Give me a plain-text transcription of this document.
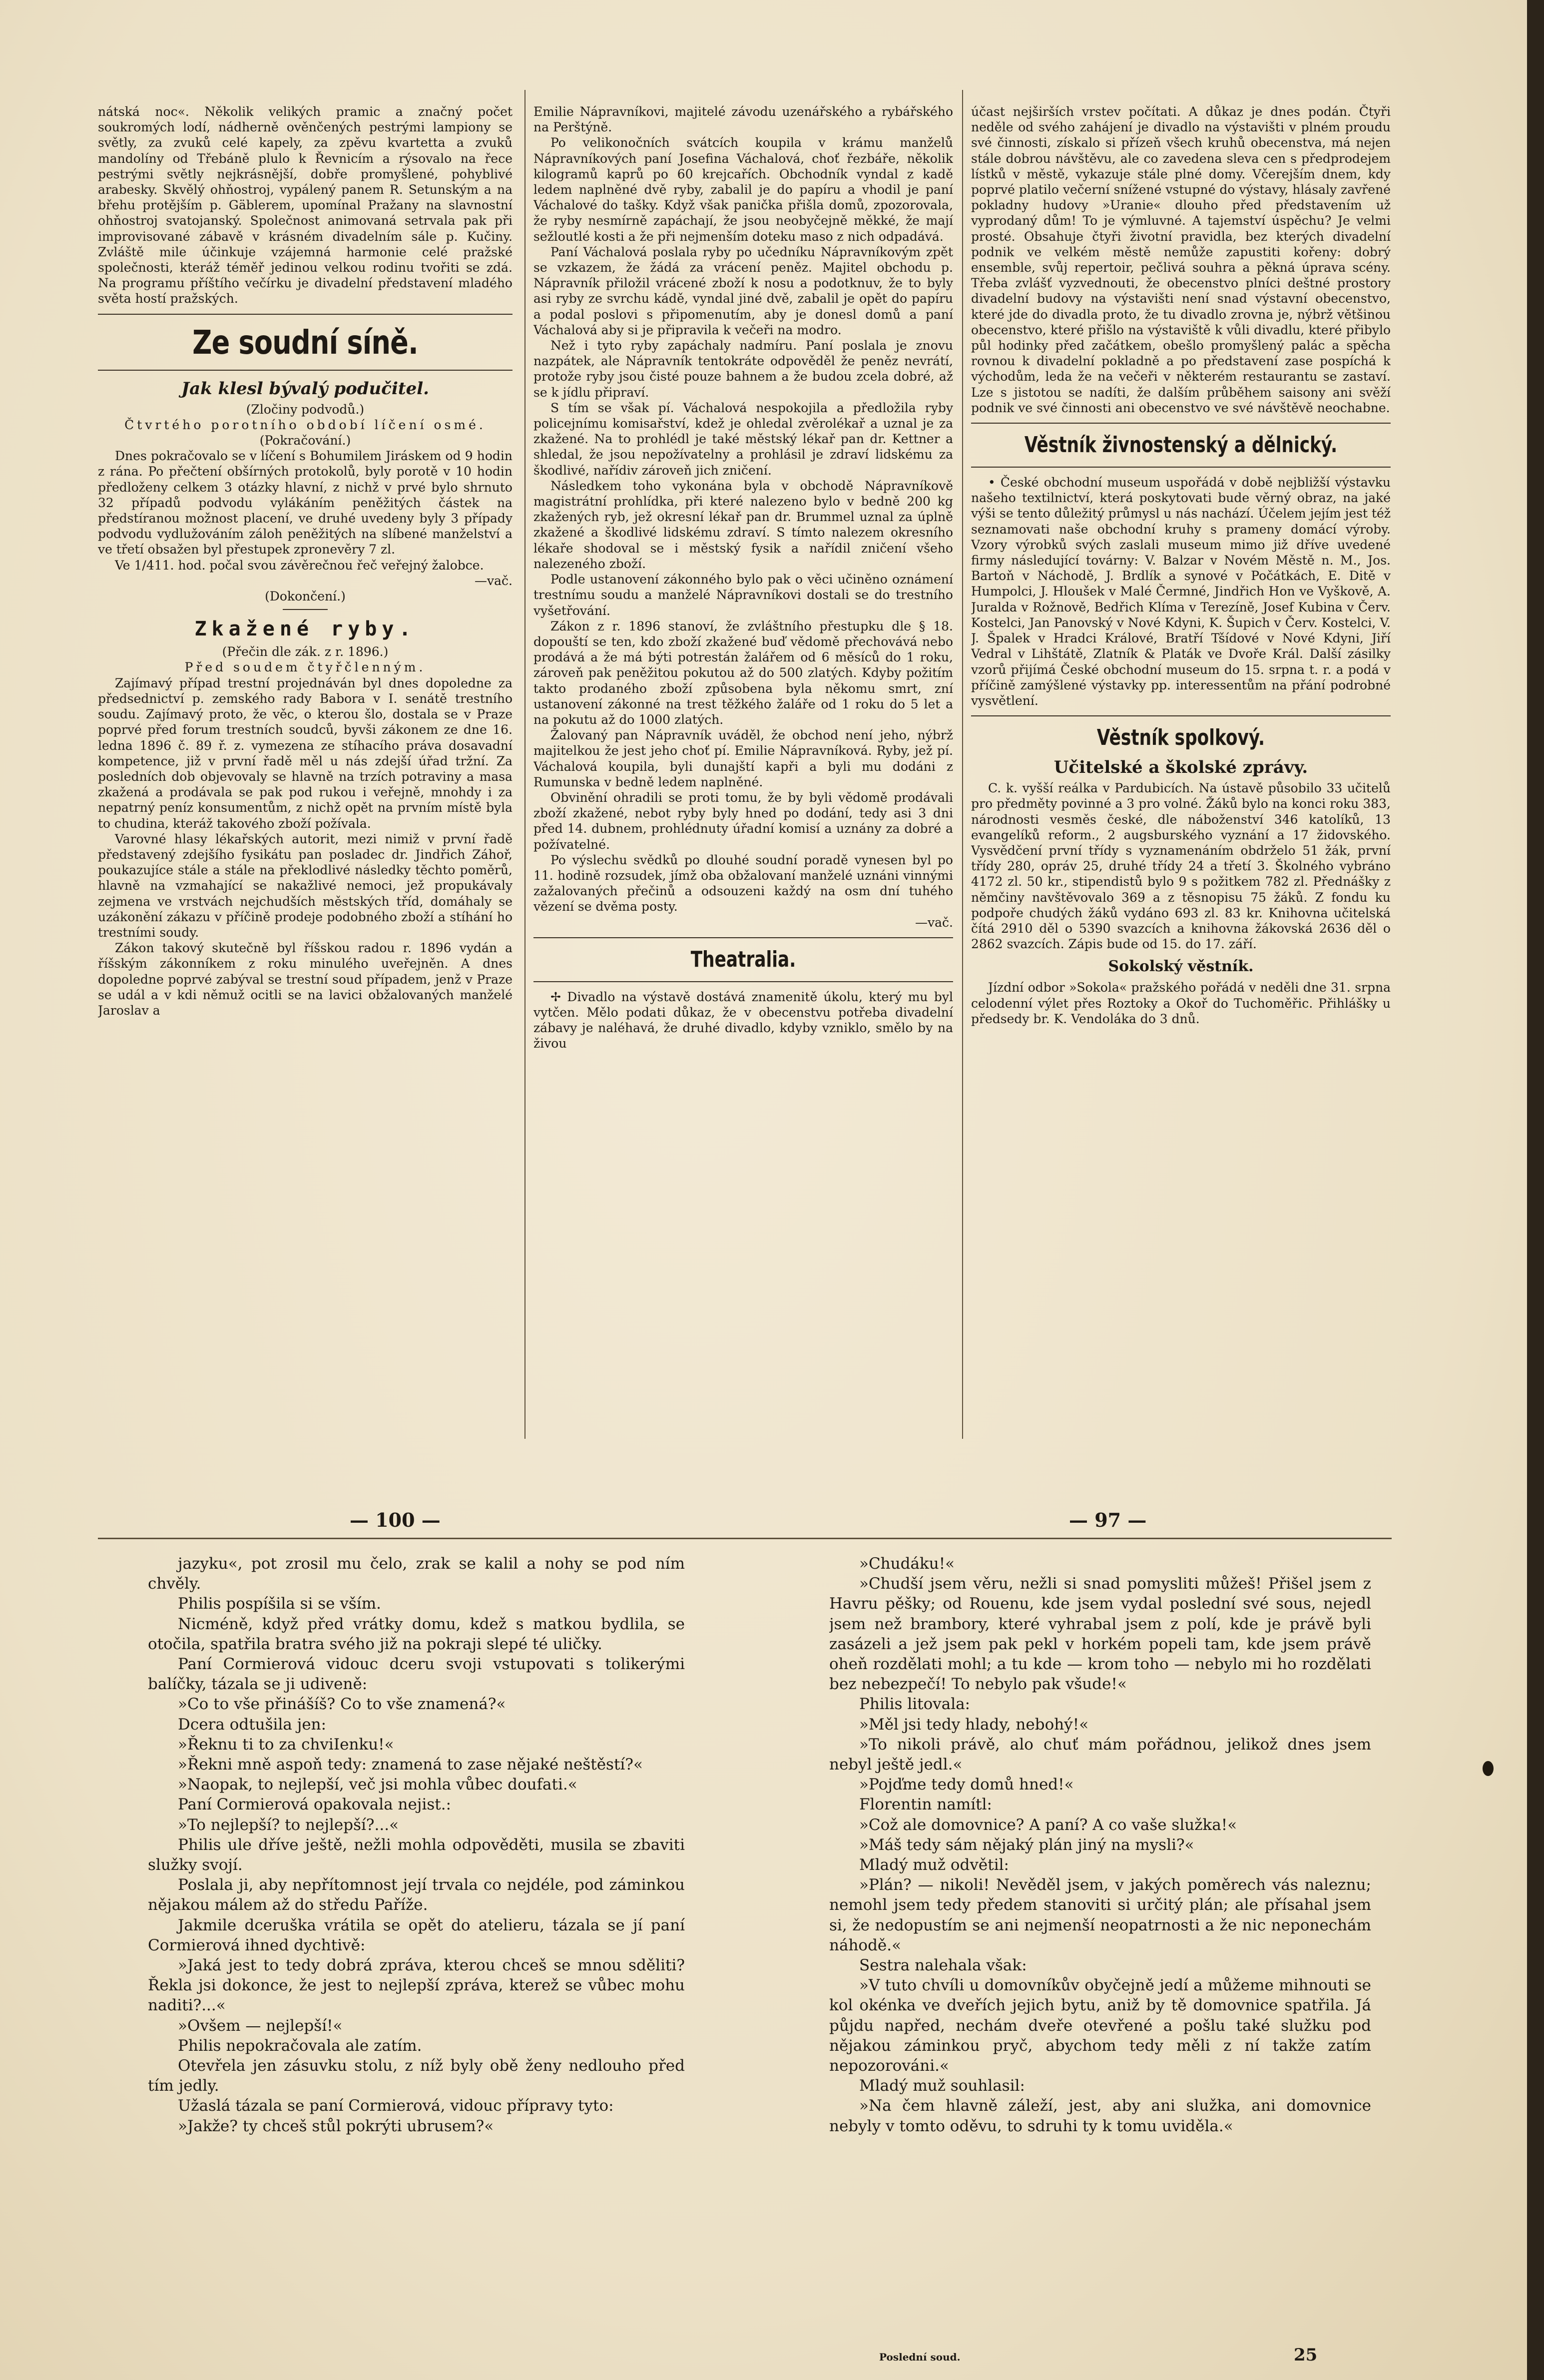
nátská noc«. Několik velikých pramic a značný počet soukromých lodí, nádherně ověnčených pestrými lampiony se světly, za zvuků celé kapely, za zpěvu kvartetta a zvuků mandolíny od Třebáně plulo k Řevnicím a rýsovalo na řece pestrými světly nejkrásnější, dobře promyšlené, pohyblivé arabesky. Skvělý ohňostroj, vypálený panem R. Setunským a na břehu protějším p. Gäblerem, upomínal Pražany na slavnostní ohňostroj svatojanský. Společnost animovaná setrvala pak při improvisované zábavě v krásném divadelním sále p. Kučiny. Zvláště mile účinkuje vzájemná harmonie celé pražské společnosti, kteráž téměř jedinou velkou rodinu tvořiti se zdá. Na programu příštího večírku je divadelní představení mladého světa hostí pražských.

Ze soudní síně.
Jak klesl bývalý podučitel.

(Zločiny podvodů.)

Čtvrtého porotního období líčení osmé.

(Pokračování.)

Dnes pokračovalo se v líčení s Bohumilem Jiráskem od 9 hodin z rána. Po přečtení obšírných protokolů, byly porotě v 10 hodin předloženy celkem 3 otázky hlavní, z nichž v prvé bylo shrnuto 32 případů podvodu vylákáním peněžitých částek na předstíranou možnost placení, ve druhé uvedeny byly 3 případy podvodu vydlužováním záloh peněžitých na slíbené manželství a ve třetí obsažen byl přestupek zpronevěry 7 zl.

Ve 1/411. hod. počal svou závěrečnou řeč veřejný žalobce.

—vač.

(Dokončení.)

Zkažené ryby.

(Přečin dle zák. z r. 1896.)

Před soudem čtyřčlenným.

Zajímavý případ trestní projednáván byl dnes dopoledne za předsednictví p. zemského rady Babora v I. senátě trestního soudu. Zajímavý proto, že věc, o kterou šlo, dostala se v Praze poprvé před forum trestních soudců, byvši zákonem ze dne 16. ledna 1896 č. 89 ř. z. vymezena ze stíhacího práva dosavadní kompetence, již v první řadě měl u nás zdejší úřad tržní. Za posledních dob objevovaly se hlavně na trzích potraviny a masa zkažená a prodávala se pak pod rukou i veřejně, mnohdy i za nepatrný peníz konsumentům, z nichž opět na prvním místě byla to chudina, kteráž takového zboží požívala.

Varovné hlasy lékařských autorit, mezi nimiž v první řadě představený zdejšího fysikátu pan posladec dr. Jindřich Záhoř, poukazujíce stále a stále na překlodlivé následky těchto poměrů, hlavně na vzmahající se nakažlivé nemoci, jež propukávaly zejmena ve vrstvách nejchudších městských tříd, domáhaly se uzákonění zákazu v příčině prodeje podobného zboží a stíhání ho trestními soudy.

Zákon takový skutečně byl říšskou radou r. 1896 vydán a říšským zákonníkem z roku minulého uveřejněn. A dnes dopoledne poprvé zabýval se trestní soud případem, jenž v Praze se udál a v kdi němuž ocitli se na lavici obžalovaných manželé Jaroslav a

Emilie Nápravníkovi, majitelé závodu uzenářského a rybářského na Perštýně.

Po velikonočních svátcích koupila v krámu manželů Nápravníkových paní Josefina Váchalová, choť řezbáře, několik kilogramů kaprů po 60 krejcařích. Obchodník vyndal z kadě ledem naplněné dvě ryby, zabalil je do papíru a vhodil je paní Váchalové do tašky. Když však panička přišla domů, zpozorovala, že ryby nesmírně zapáchají, že jsou neobyčejně měkké, že mají sežloutlé kosti a že při nejmenším doteku maso z nich odpadává.

Paní Váchalová poslala ryby po učedníku Nápravníkovým zpět se vzkazem, že žádá za vrácení peněz. Majitel obchodu p. Nápravník přiložil vrácené zboží k nosu a podotknuv, že to byly asi ryby ze svrchu kádě, vyndal jiné dvě, zabalil je opět do papíru a podal poslovi s připomenutím, aby je donesl domů a paní Váchalová aby si je připravila k večeři na modro.

Než i tyto ryby zapáchaly nadmíru. Paní poslala je znovu nazpátek, ale Nápravník tentokráte odpověděl že peněz nevrátí, protože ryby jsou čisté pouze bahnem a že budou zcela dobré, až se k jídlu připraví.

S tím se však pí. Váchalová nespokojila a předložila ryby policejnímu komisařství, kdež je ohledal zvěrolékař a uznal je za zkažené. Na to prohlédl je také městský lékař pan dr. Kettner a shledal, že jsou nepožívatelny a prohlásil je zdraví lidskému za škodlivé, nařídiv zároveň jich zničení.

Následkem toho vykonána byla v obchodě Nápravníkově magistrátní prohlídka, při které nalezeno bylo v bedně 200 kg zkažených ryb, jež okresní lékař pan dr. Brummel uznal za úplně zkažené a škodlivé lidskému zdraví. S tímto nalezem okresního lékaře shodoval se i městský fysik a nařídil zničení všeho nalezeného zboží.

Podle ustanovení zákonného bylo pak o věci učiněno oznámení trestnímu soudu a manželé Nápravníkovi dostali se do trestního vyšetřování.

Zákon z r. 1896 stanoví, že zvláštního přestupku dle § 18. dopouští se ten, kdo zboží zkažené buď vědomě přechovává nebo prodává a že má býti potrestán žalářem od 6 měsíců do 1 roku, zároveň pak peněžitou pokutou až do 500 zlatých. Kdyby požitím takto prodaného zboží způsobena byla někomu smrt, zní ustanovení zákonné na trest těžkého žaláře od 1 roku do 5 let a na pokutu až do 1000 zlatých.

Žalovaný pan Nápravník uváděl, že obchod není jeho, nýbrž majitelkou že jest jeho choť pí. Emilie Nápravníková. Ryby, jež pí. Váchalová koupila, byli dunajští kapři a byli mu dodáni z Rumunska v bedně ledem naplněné.

Obvinění ohradili se proti tomu, že by byli vědomě prodávali zboží zkažené, nebot ryby byly hned po dodání, tedy asi 3 dni před 14. dubnem, prohlédnuty úřadní komisí a uznány za dobré a požívatelné.

Po výslechu svědků po dlouhé soudní poradě vynesen byl po 11. hodině rozsudek, jímž oba obžalovaní manželé uznáni vinnými zažalovaných přečinů a odsouzeni každý na osm dní tuhého vězení se dvěma posty.

—vač.

Theatralia.

✢ Divadlo na výstavě dostává znamenitě úkolu, který mu byl vytčen. Mělo podati důkaz, že v obecenstvu potřeba divadelní zábavy je naléhavá, že druhé divadlo, kdyby vzniklo, smělo by na živou

účast nejširších vrstev počítati. A důkaz je dnes podán. Čtyři neděle od svého zahájení je divadlo na výstavišti v plném proudu své činnosti, získalo si přízeň všech kruhů obecenstva, má nejen stále dobrou návštěvu, ale co zavedena sleva cen s předprodejem lístků v městě, vykazuje stále plné domy. Včerejším dnem, kdy poprvé platilo večerní snížené vstupné do výstavy, hlásaly zavřené pokladny hudovy »Uranie« dlouho před představením už vyprodaný dům! To je výmluvné. A tajemství úspěchu? Je velmi prosté. Obsahuje čtyři životní pravidla, bez kterých divadelní podnik ve velkém městě nemůže zapustiti kořeny: dobrý ensemble, svůj repertoir, pečlivá souhra a pěkná úprava scény. Třeba zvlášť vyzvednouti, že obecenstvo plníci deštné prostory divadelní budovy na výstavišti není snad výstavní obecenstvo, které jde do divadla proto, že tu divadlo zrovna je, nýbrž většinou obecenstvo, které přišlo na výstaviště k vůli divadlu, které přibylo půl hodinky před začátkem, obešlo promyšlený palác a spěcha rovnou k divadelní pokladně a po představení zase pospíchá k východům, leda že na večeři v některém restaurantu se zastaví. Lze s jistotou se nadíti, že dalším průběhem saisony ani svěží podnik ve své činnosti ani obecenstvo ve své návštěvě neochabne.

Věstník živnostenský a dělnický.

• České obchodní museum uspořádá v době nejbližší výstavku našeho textilnictví, která poskytovati bude věrný obraz, na jaké výši se tento důležitý průmysl u nás nachází. Účelem jejím jest též seznamovati naše obchodní kruhy s prameny domácí výroby. Vzory výrobků svých zaslali museum mimo již dříve uvedené firmy následující továrny: V. Balzar v Novém Městě n. M., Jos. Bartoň v Náchodě, J. Brdlík a synové v Počátkách, E. Ditě v Humpolci, J. Hloušek v Malé Čermné, Jindřich Hon ve Vyškově, A. Juralda v Rožnově, Bedřich Klíma v Terezíně, Josef Kubina v Červ. Kostelci, Jan Panovský v Nové Kdyni, K. Šupich v Červ. Kostelci, V. J. Špalek v Hradci Králové, Bratří Tšídové v Nové Kdyni, Jiří Vedral v Lihštátě, Zlatník & Platák ve Dvoře Král. Další zásilky vzorů přijímá České obchodní museum do 15. srpna t. r. a podá v příčině zamýšlené výstavky pp. interessentům na přání podrobné vysvětlení.

Věstník spolkový.
Učitelské a školské zprávy.

C. k. vyšší reálka v Pardubicích. Na ústavě působilo 33 učitelů pro předměty povinné a 3 pro volné. Žáků bylo na konci roku 383, národnosti vesměs české, dle náboženství 346 katolíků, 13 evangelíků reform., 2 augsburského vyznání a 17 židovského. Vysvědčení první třídy s vyznamenáním obdrželo 51 žák, první třídy 280, opráv 25, druhé třídy 24 a třetí 3. Školného vybráno 4172 zl. 50 kr., stipendistů bylo 9 s požitkem 782 zl. Přednášky z němčiny navštěvovalo 369 a z těsnopisu 75 žáků. Z fondu ku podpoře chudých žáků vydáno 693 zl. 83 kr. Knihovna učitelská čítá 2910 děl o 5390 svazcích a knihovna žákovská 2636 děl o 2862 svazcích. Zápis bude od 15. do 17. září.

Sokolský věstník.

Jízdní odbor »Sokola« pražského pořádá v neděli dne 31. srpna celodenní výlet přes Roztoky a Okoř do Tuchoměřic. Přihlášky u předsedy br. K. Vendoláka do 3 dnů.

— 100 —	— 97 —

jazyku«, pot zrosil mu čelo, zrak se kalil a nohy se pod ním chvěly.

Philis pospíšila si se vším.

Nicméně, když před vrátky domu, kdež s matkou bydlila, se otočila, spatřila bratra svého již na pokraji slepé té uličky.

Paní Cormierová vidouc dceru svoji vstupovati s tolikerými balíčky, tázala se ji udiveně:

»Co to vše přinášíš? Co to vše znamená?«

Dcera odtušila jen:

»Řeknu ti to za chviIenku!«

»Řekni mně aspoň tedy: znamená to zase nějaké neštěstí?«

»Naopak, to nejlepší, več jsi mohla vůbec doufati.«

Paní Cormierová opakovala nejist.:

»To nejlepší? to nejlepší?...«

Philis ule dříve ještě, nežli mohla odpověděti, musila se zbaviti služky svojí.

Poslala ji, aby nepřítomnost její trvala co nejdéle, pod záminkou nějakou málem až do středu Paříže.

Jakmile dceruška vrátila se opět do atelieru, tázala se jí paní Cormierová ihned dychtivě:

»Jaká jest to tedy dobrá zpráva, kterou chceš se mnou sděliti? Řekla jsi dokonce, že jest to nejlepší zpráva, kterež se vůbec mohu naditi?...«

»Ovšem — nejlepší!«

Philis nepokračovala ale zatím.

Otevřela jen zásuvku stolu, z níž byly obě ženy nedlouho před tím jedly.

Užaslá tázala se paní Cormierová, vidouc přípravy tyto:

»Jakže? ty chceš stůl pokrýti ubrusem?«

»Chudáku!«

»Chudší jsem věru, nežli si snad pomysliti můžeš! Přišel jsem z Havru pěšky; od Rouenu, kde jsem vydal poslední své sous, nejedl jsem než brambory, které vyhrabal jsem z polí, kde je právě byli zasázeli a jež jsem pak pekl v horkém popeli tam, kde jsem právě oheň rozdělati mohl; a tu kde — krom toho — nebylo mi ho rozdělati bez nebezpečí! To nebylo pak všude!«

Philis litovala:

»Měl jsi tedy hlady, nebohý!«

»To nikoli právě, alo chuť mám pořádnou, jelikož dnes jsem nebyl ještě jedl.«

»Pojďme tedy domů hned!«

Florentin namítl:

»Což ale domovnice? A paní? A co vaše služka!«

»Máš tedy sám nějaký plán jiný na mysli?«

Mladý muž odvětil:

»Plán? — nikoli! Nevěděl jsem, v jakých poměrech vás naleznu; nemohl jsem tedy předem stanoviti si určitý plán; ale přísahal jsem si, že nedopustím se ani nejmenší neopatrnosti a že nic neponechám náhodě.«

Sestra nalehala však:

»V tuto chvíli u domovníkův obyčejně jedí a můžeme mihnouti se kol okénka ve dveřích jejich bytu, aniž by tě domovnice spatřila. Já půjdu napřed, nechám dveře otevřené a pošlu také služku pod nějakou záminkou pryč, abychom tedy měli z ní takže zatím nepozorováni.«

Mladý muž souhlasil:

»Na čem hlavně záleží, jest, aby ani služka, ani domovnice nebyly v tomto oděvu, to sdruhi ty k tomu uviděla.«

Poslední soud.	25
